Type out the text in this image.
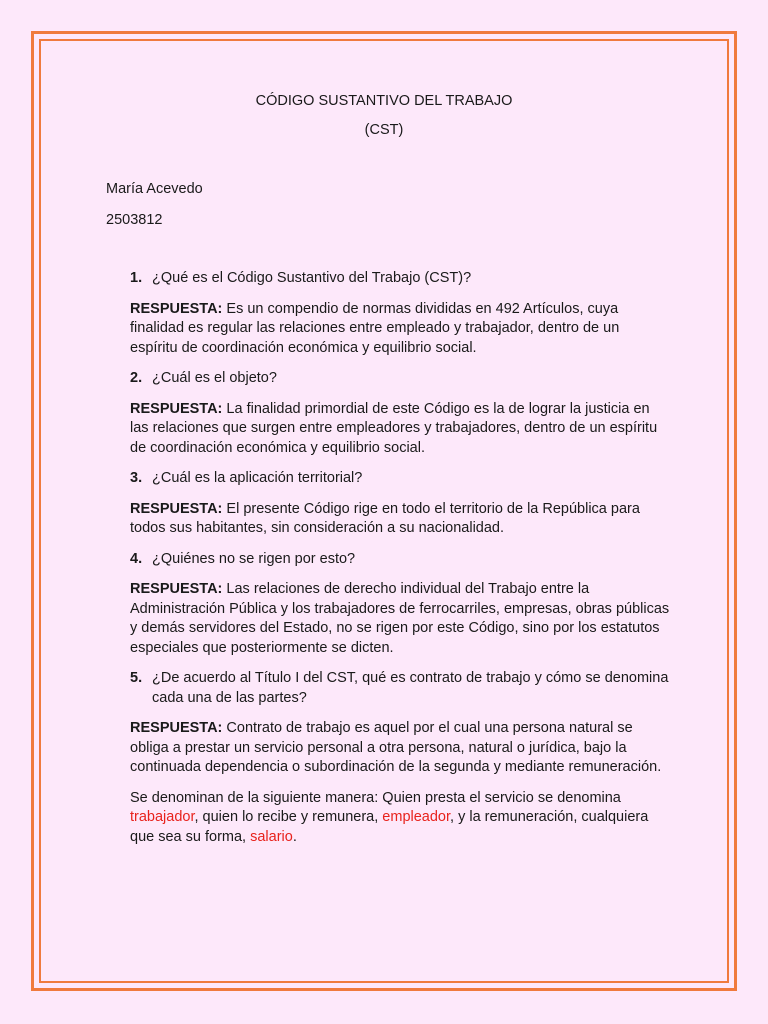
CÓDIGO SUSTANTIVO DEL TRABAJO
(CST)
María Acevedo
2503812
1. ¿Qué es el Código Sustantivo del Trabajo (CST)?
RESPUESTA: Es un compendio de normas divididas en 492 Artículos, cuya finalidad es regular las relaciones entre empleado y trabajador, dentro de un espíritu de coordinación económica y equilibrio social.
2. ¿Cuál es el objeto?
RESPUESTA: La finalidad primordial de este Código es la de lograr la justicia en las relaciones que surgen entre empleadores y trabajadores, dentro de un espíritu de coordinación económica y equilibrio social.
3. ¿Cuál es la aplicación territorial?
RESPUESTA: El presente Código rige en todo el territorio de la República para todos sus habitantes, sin consideración a su nacionalidad.
4. ¿Quiénes no se rigen por esto?
RESPUESTA: Las relaciones de derecho individual del Trabajo entre la Administración Pública y los trabajadores de ferrocarriles, empresas, obras públicas y demás servidores del Estado, no se rigen por este Código, sino por los estatutos especiales que posteriormente se dicten.
5. ¿De acuerdo al Título I del CST, qué es contrato de trabajo y cómo se denomina cada una de las partes?
RESPUESTA: Contrato de trabajo es aquel por el cual una persona natural se obliga a prestar un servicio personal a otra persona, natural o jurídica, bajo la continuada dependencia o subordinación de la segunda y mediante remuneración.
Se denominan de la siguiente manera: Quien presta el servicio se denomina trabajador, quien lo recibe y remunera, empleador, y la remuneración, cualquiera que sea su forma, salario.
